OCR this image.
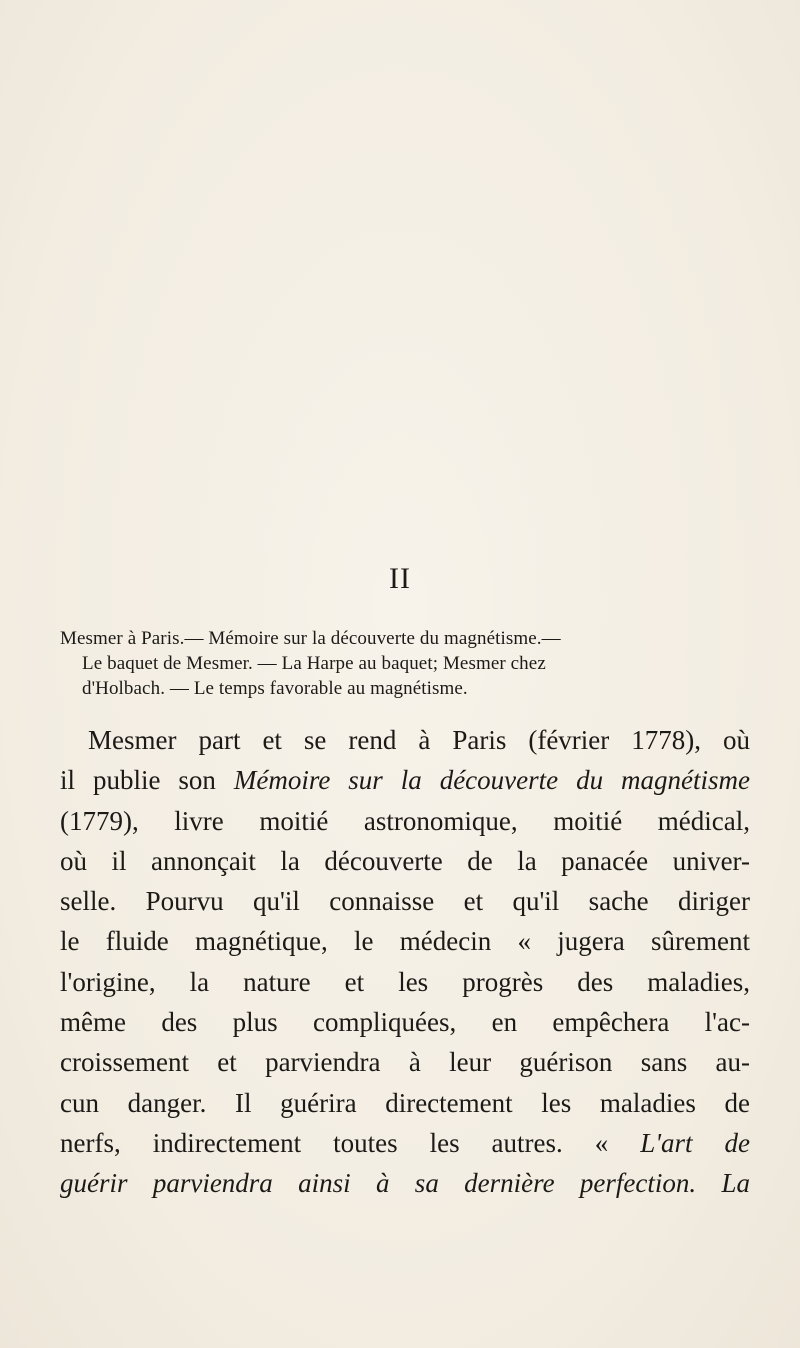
II
Mesmer à Paris.— Mémoire sur la découverte du magnétisme.—
Le baquet de Mesmer. — La Harpe au baquet; Mesmer chez
d'Holbach. — Le temps favorable au magnétisme.
Mesmer part et se rend à Paris (février 1778), où
il publie son Mémoire sur la découverte du magnétisme
(1779), livre moitié astronomique, moitié médical,
où il annonçait la découverte de la panacée univer-
selle. Pourvu qu'il connaisse et qu'il sache diriger
le fluide magnétique, le médecin « jugera sûrement
l'origine, la nature et les progrès des maladies,
même des plus compliquées, en empêchera l'ac-
croissement et parviendra à leur guérison sans au-
cun danger. Il guérira directement les maladies de
nerfs, indirectement toutes les autres. « L'art de
guérir parviendra ainsi à sa dernière perfection. La
